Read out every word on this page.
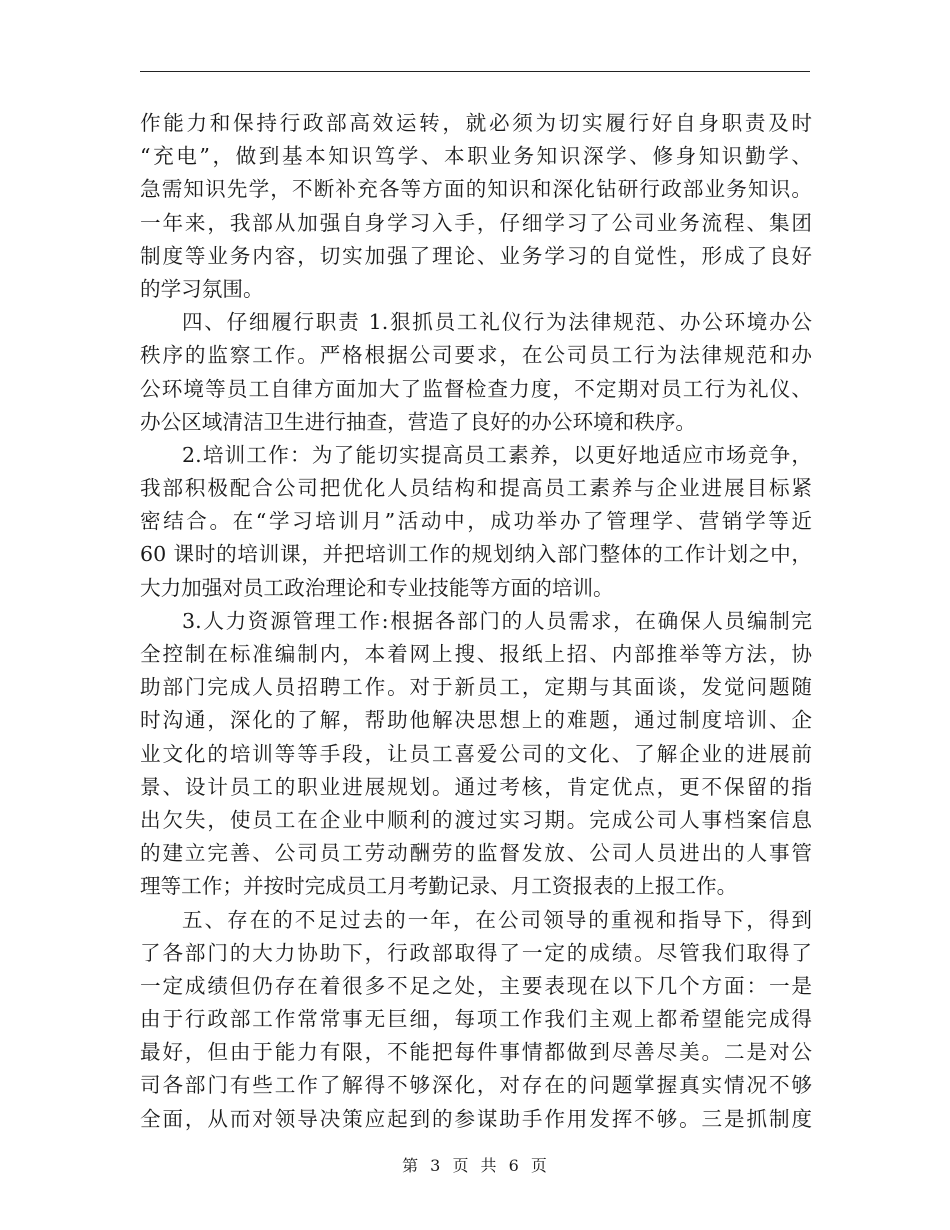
作能力和保持行政部高效运转，就必须为切实履行好自身职责及时
“充电”，做到基本知识笃学、本职业务知识深学、修身知识勤学、
急需知识先学，不断补充各等方面的知识和深化钻研行政部业务知识。
一年来，我部从加强自身学习入手，仔细学习了公司业务流程、集团
制度等业务内容，切实加强了理论、业务学习的自觉性，形成了良好
的学习氛围。
四、仔细履行职责 1.狠抓员工礼仪行为法律规范、办公环境办公
秩序的监察工作。严格根据公司要求，在公司员工行为法律规范和办
公环境等员工自律方面加大了监督检查力度，不定期对员工行为礼仪、
办公区域清洁卫生进行抽查，营造了良好的办公环境和秩序。
2.培训工作：为了能切实提高员工素养，以更好地适应市场竞争，
我部积极配合公司把优化人员结构和提高员工素养与企业进展目标紧
密结合。在“学习培训月”活动中，成功举办了管理学、营销学等近
60 课时的培训课，并把培训工作的规划纳入部门整体的工作计划之中，
大力加强对员工政治理论和专业技能等方面的培训。
3.人力资源管理工作:根据各部门的人员需求，在确保人员编制完
全控制在标准编制内，本着网上搜、报纸上招、内部推举等方法，协
助部门完成人员招聘工作。对于新员工，定期与其面谈，发觉问题随
时沟通，深化的了解，帮助他解决思想上的难题，通过制度培训、企
业文化的培训等等手段，让员工喜爱公司的文化、了解企业的进展前
景、设计员工的职业进展规划。通过考核，肯定优点，更不保留的指
出欠失，使员工在企业中顺利的渡过实习期。完成公司人事档案信息
的建立完善、公司员工劳动酬劳的监督发放、公司人员进出的人事管
理等工作；并按时完成员工月考勤记录、月工资报表的上报工作。
五、存在的不足过去的一年，在公司领导的重视和指导下，得到
了各部门的大力协助下，行政部取得了一定的成绩。尽管我们取得了
一定成绩但仍存在着很多不足之处，主要表现在以下几个方面：一是
由于行政部工作常常事无巨细，每项工作我们主观上都希望能完成得
最好，但由于能力有限，不能把每件事情都做到尽善尽美。二是对公
司各部门有些工作了解得不够深化，对存在的问题掌握真实情况不够
全面，从而对领导决策应起到的参谋助手作用发挥不够。三是抓制度
第 3 页 共 6 页
